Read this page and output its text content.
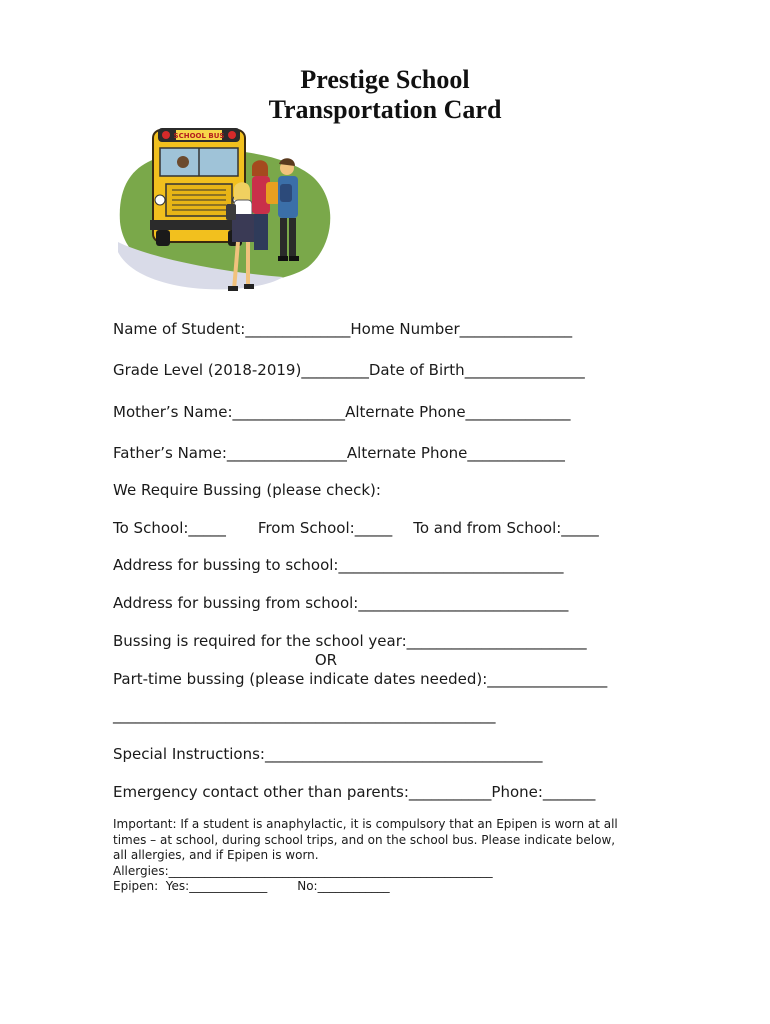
Prestige School
Transportation Card
SCHOOL BUS
Name of Student:______________Home Number_______________
Grade Level (2018-2019)_________Date of Birth________________
Mother’s Name:_______________Alternate Phone______________
Father’s Name:________________Alternate Phone_____________
We Require Bussing (please check):
To School:_____ From School:_____ To and from School:_____
Address for bussing to school:______________________________
Address for bussing from school:____________________________
Bussing is required for the school year:________________________
OR
Part-time bussing (please indicate dates needed):________________
___________________________________________________
Special Instructions:_____________________________________
Emergency contact other than parents:___________Phone:_______
Important: If a student is anaphylactic, it is compulsory that an Epipen is worn at all
times – at school, during school trips, and on the school bus. Please indicate below,
all allergies, and if Epipen is worn.
Allergies:______________________________________________________
Epipen:  Yes:_____________	No:____________
